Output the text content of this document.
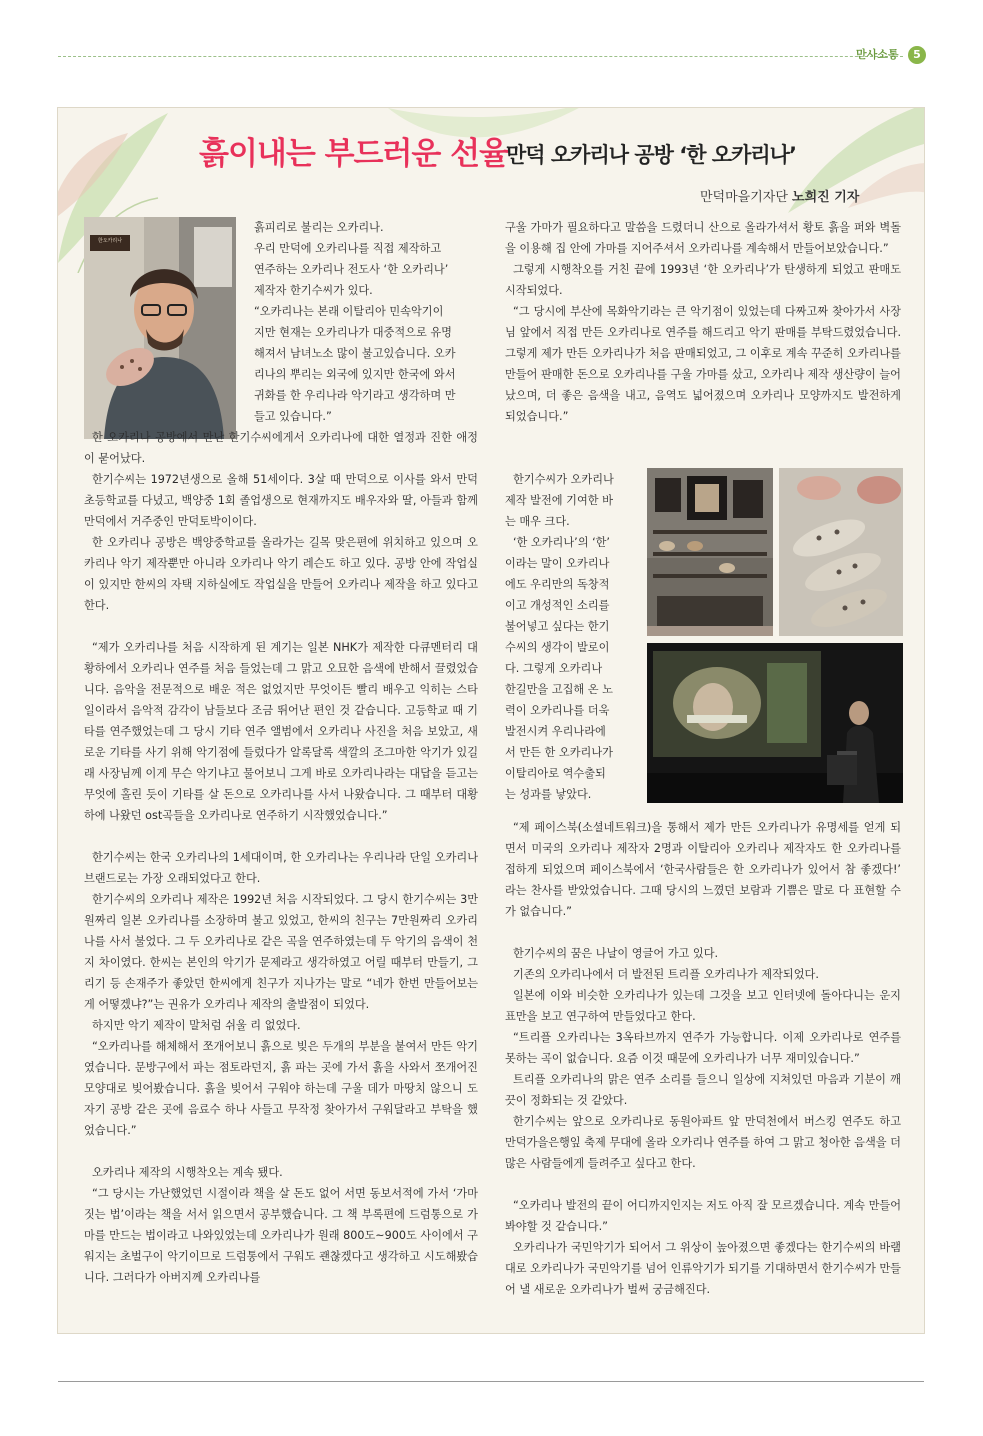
만사소통	5
흙이내는 부드러운 선율
만덕 오카리나 공방 ‘한 오카리나’
만덕마을기자단 노희진 기자
한오카리나

흙피리로 불리는 오카리나.

우리 만덕에 오카리나를 직접 제작하고

연주하는 오카리나 전도사 ‘한 오카리나’

제작자 한기수씨가 있다.

“오카리나는 본래 이탈리아 민속악기이

지만 현재는 오카리나가 대중적으로 유명

해져서 남녀노소 많이 불고있습니다. 오카

리나의 뿌리는 외국에 있지만 한국에 와서

귀화를 한 우리나라 악기라고 생각하며 만

들고 있습니다.”

한 오카리나 공방에서 만난 한기수씨에게서 오카리나에 대한 열정과 진한 애정이 묻어났다.

한기수씨는 1972년생으로 올해 51세이다. 3살 때 만덕으로 이사를 와서 만덕초등학교를 다녔고, 백양중 1회 졸업생으로 현재까지도 배우자와 딸, 아들과 함께 만덕에서 거주중인 만덕토박이이다.

한 오카리나 공방은 백양중학교를 올라가는 길목 맞은편에 위치하고 있으며 오카리나 악기 제작뿐만 아니라 오카리나 악기 레슨도 하고 있다. 공방 안에 작업실이 있지만 한씨의 자택 지하실에도 작업실을 만들어 오카리나 제작을 하고 있다고 한다.

“제가 오카리나를 처음 시작하게 된 계기는 일본 NHK가 제작한 다큐멘터리 대황하에서 오카리나 연주를 처음 들었는데 그 맑고 오묘한 음색에 반해서 끌렸었습니다. 음악을 전문적으로 배운 적은 없었지만 무엇이든 빨리 배우고 익히는 스타일이라서 음악적 감각이 남들보다 조금 뛰어난 편인 것 같습니다. 고등학교 때 기타를 연주했었는데 그 당시 기타 연주 앨범에서 오카리나 사진을 처음 보았고, 새로운 기타를 사기 위해 악기점에 들렀다가 알록달록 색깔의 조그마한 악기가 있길래 사장님께 이게 무슨 악기냐고 물어보니 그게 바로 오카리나라는 대답을 듣고는 무엇에 홀린 듯이 기타를 살 돈으로 오카리나를 사서 나왔습니다. 그 때부터 대황하에 나왔던 ost곡들을 오카리나로 연주하기 시작했었습니다.”

한기수씨는 한국 오카리나의 1세대이며, 한 오카리나는 우리나라 단일 오카리나 브랜드로는 가장 오래되었다고 한다.

한기수씨의 오카리나 제작은 1992년 처음 시작되었다. 그 당시 한기수씨는 3만원짜리 일본 오카리나를 소장하며 불고 있었고, 한씨의 친구는 7만원짜리 오카리나를 사서 불었다. 그 두 오카리나로 같은 곡을 연주하였는데 두 악기의 음색이 천지 차이였다. 한씨는 본인의 악기가 문제라고 생각하였고 어릴 때부터 만들기, 그리기 등 손재주가 좋았던 한씨에게 친구가 지나가는 말로 “네가 한번 만들어보는게 어떻겠냐?”는 권유가 오카리나 제작의 출발점이 되었다.

하지만 악기 제작이 말처럼 쉬울 리 없었다.

“오카리나를 해체해서 쪼개어보니 흙으로 빚은 두개의 부분을 붙여서 만든 악기였습니다. 문방구에서 파는 점토라던지, 흙 파는 곳에 가서 흙을 사와서 쪼개어진 모양대로 빚어봤습니다. 흙을 빚어서 구워야 하는데 구울 데가 마땅치 않으니 도자기 공방 같은 곳에 음료수 하나 사들고 무작정 찾아가서 구워달라고 부탁을 했었습니다.”

오카리나 제작의 시행착오는 계속 됐다.

“그 당시는 가난했었던 시절이라 책을 살 돈도 없어 서면 동보서적에 가서 ‘가마짓는 법’이라는 책을 서서 읽으면서 공부했습니다. 그 책 부록편에 드럼통으로 가마를 만드는 법이라고 나와있었는데 오카리나가 원래 800도~900도 사이에서 구워지는 초벌구이 악기이므로 드럼통에서 구워도 괜찮겠다고 생각하고 시도해봤습니다. 그러다가 아버지께 오카리나를

구울 가마가 필요하다고 말씀을 드렸더니 산으로 올라가셔서 황토 흙을 퍼와 벽돌을 이용해 집 안에 가마를 지어주셔서 오카리나를 계속해서 만들어보았습니다.”

그렇게 시행착오를 거친 끝에 1993년 ‘한 오카리나’가 탄생하게 되었고 판매도 시작되었다.

“그 당시에 부산에 목화악기라는 큰 악기점이 있었는데 다짜고짜 찾아가서 사장님 앞에서 직접 만든 오카리나로 연주를 해드리고 악기 판매를 부탁드렸었습니다. 그렇게 제가 만든 오카리나가 처음 판매되었고, 그 이후로 계속 꾸준히 오카리나를 만들어 판매한 돈으로 오카리나를 구울 가마를 샀고, 오카리나 제작 생산량이 늘어났으며, 더 좋은 음색을 내고, 음역도 넓어졌으며 오카리나 모양까지도 발전하게 되었습니다.”

한기수씨가 오카리나

제작 발전에 기여한 바

는 매우 크다.

‘한 오카리나’의 ‘한’

이라는 말이 오카리나

에도 우리만의 독창적

이고 개성적인 소리를

불어넣고 싶다는 한기

수씨의 생각이 발로이

다. 그렇게 오카리나

한길만을 고집해 온 노

력이 오카리나를 더욱

발전시켜 우리나라에

서 만든 한 오카리나가

이탈리아로 역수출되

는 성과를 낳았다.

“제 페이스북(소셜네트워크)을 통해서 제가 만든 오카리나가 유명세를 얻게 되면서 미국의 오카리나 제작자 2명과 이탈리아 오카리나 제작자도 한 오카리나를 접하게 되었으며 페이스북에서 ‘한국사람들은 한 오카리나가 있어서 참 좋겠다!’ 라는 찬사를 받았었습니다. 그때 당시의 느꼈던 보람과 기쁨은 말로 다 표현할 수가 없습니다.”

한기수씨의 꿈은 나날이 영글어 가고 있다.

기존의 오카리나에서 더 발전된 트리플 오카리나가 제작되었다.

일본에 이와 비슷한 오카리나가 있는데 그것을 보고 인터넷에 돌아다니는 운지표만을 보고 연구하여 만들었다고 한다.

“트리플 오카리나는 3옥타브까지 연주가 가능합니다. 이제 오카리나로 연주를 못하는 곡이 없습니다. 요즘 이것 때문에 오카리나가 너무 재미있습니다.”

트리플 오카리나의 맑은 연주 소리를 들으니 일상에 지쳐있던 마음과 기분이 깨끗이 정화되는 것 같았다.

한기수씨는 앞으로 오카리나로 동원아파트 앞 만덕천에서 버스킹 연주도 하고 만덕가을은행잎 축제 무대에 올라 오카리나 연주를 하여 그 맑고 청아한 음색을 더 많은 사람들에게 들려주고 싶다고 한다.

“오카리나 발전의 끝이 어디까지인지는 저도 아직 잘 모르겠습니다. 계속 만들어 봐야할 것 같습니다.”

오카리나가 국민악기가 되어서 그 위상이 높아졌으면 좋겠다는 한기수씨의 바램대로 오카리나가 국민악기를 넘어 인류악기가 되기를 기대하면서 한기수씨가 만들어 낼 새로운 오카리나가 벌써 궁금해진다.
